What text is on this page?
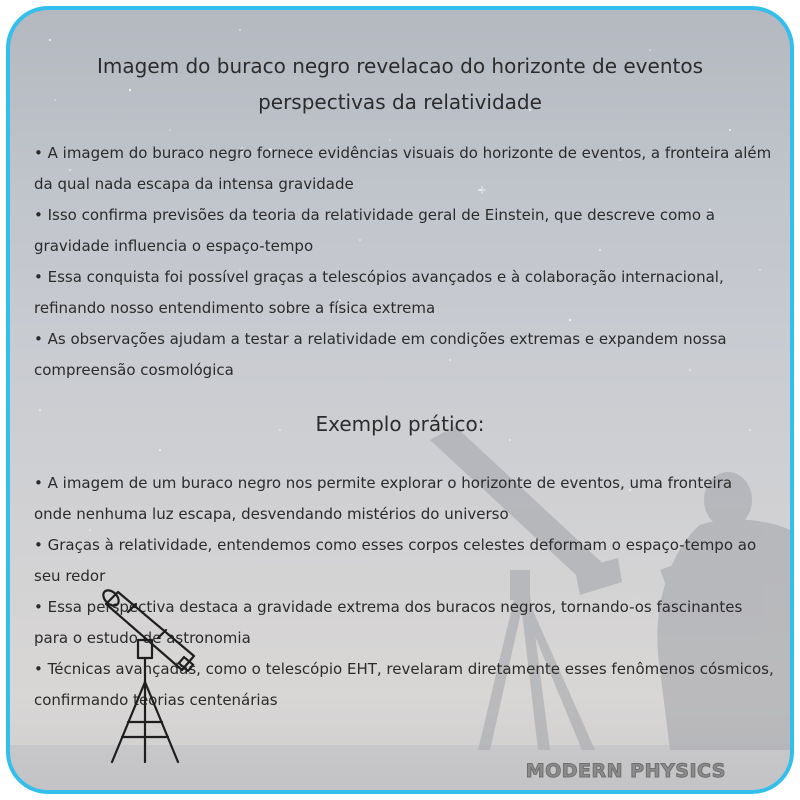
Imagem do buraco negro revelacao do horizonte de eventos perspectivas da relatividade

• A imagem do buraco negro fornece evidências visuais do horizonte de eventos, a fronteira além da qual nada escapa da intensa gravidade

• Isso confirma previsões da teoria da relatividade geral de Einstein, que descreve como a gravidade influencia o espaço-tempo

• Essa conquista foi possível graças a telescópios avançados e à colaboração internacional, refinando nosso entendimento sobre a física extrema

• As observações ajudam a testar a relatividade em condições extremas e expandem nossa compreensão cosmológica

Exemplo prático:

• A imagem de um buraco negro nos permite explorar o horizonte de eventos, uma fronteira onde nenhuma luz escapa, desvendando mistérios do universo

• Graças à relatividade, entendemos como esses corpos celestes deformam o espaço-tempo ao seu redor

• Essa perspectiva destaca a gravidade extrema dos buracos negros, tornando-os fascinantes para o estudo de astronomia

• Técnicas avançadas, como o telescópio EHT, revelaram diretamente esses fenômenos cósmicos, confirmando teorias centenárias

MODERN PHYSICS
